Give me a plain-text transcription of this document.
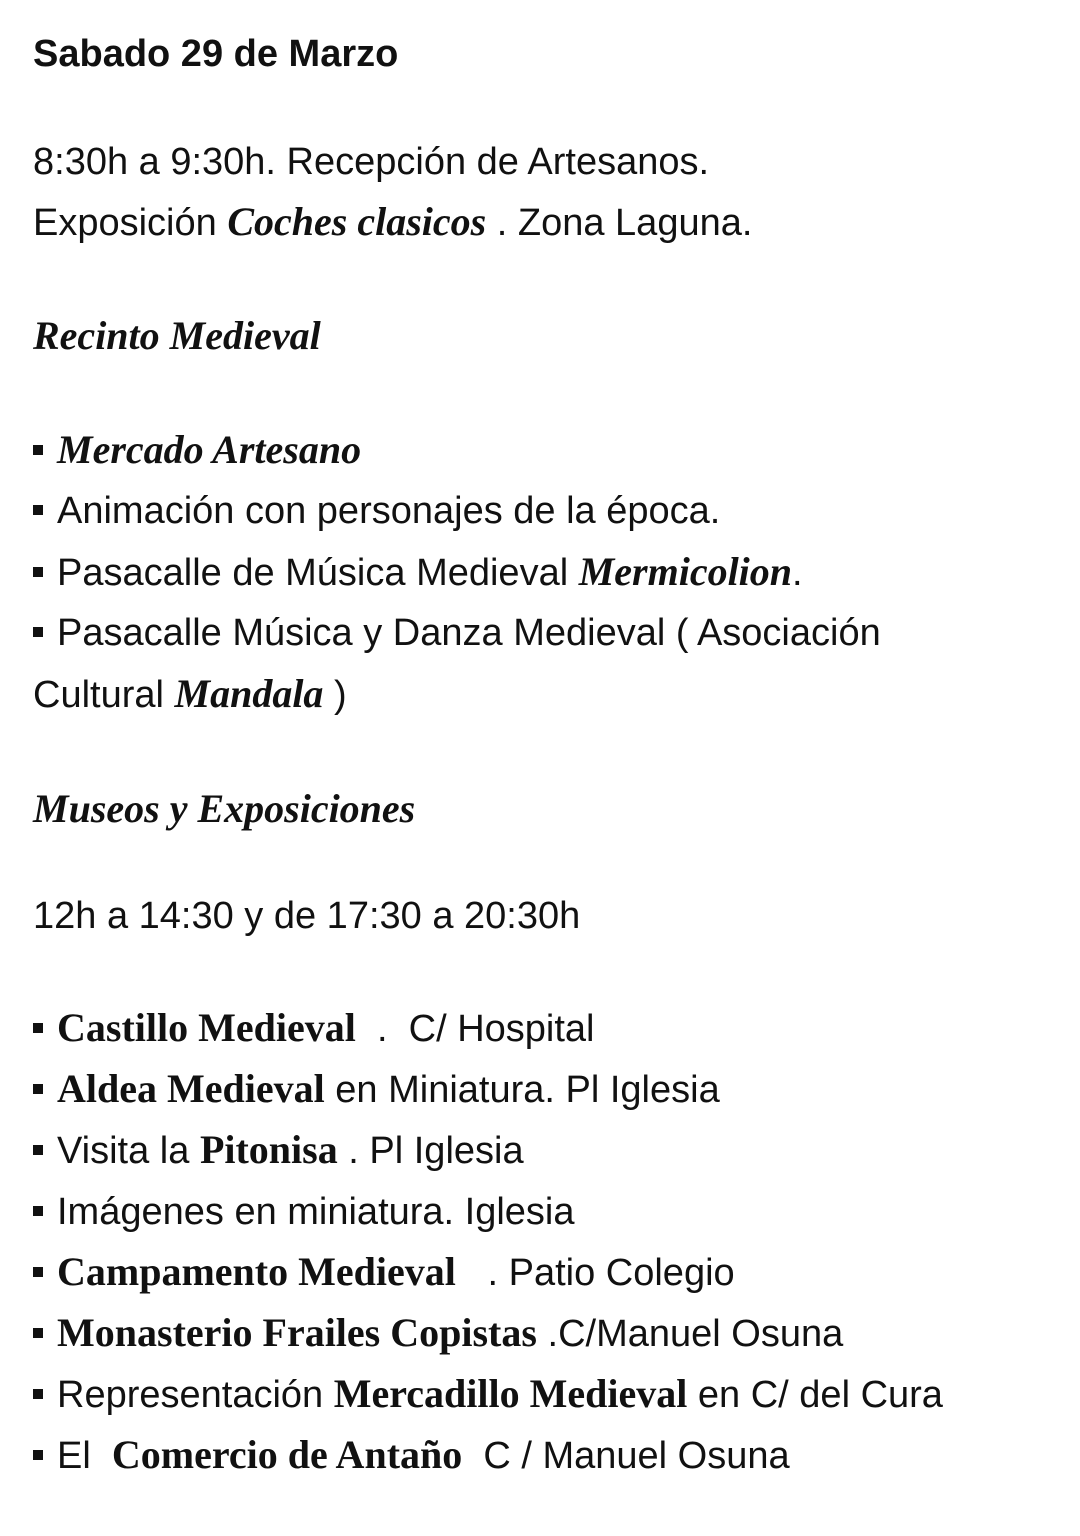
Sabado 29 de Marzo
8:30h a 9:30h. Recepción de Artesanos.
Exposición Coches clasicos . Zona Laguna.
Recinto Medieval
Mercado Artesano
Animación con personajes de la época.
Pasacalle de Música Medieval Mermicolion.
Pasacalle Música y Danza Medieval ( Asociación
Cultural Mandala )
Museos y Exposiciones
12h a 14:30 y de 17:30 a 20:30h
Castillo Medieval  .  C/ Hospital
Aldea Medieval en Miniatura. Pl Iglesia
Visita la Pitonisa . Pl Iglesia
Imágenes en miniatura. Iglesia
Campamento Medieval   . Patio Colegio
Monasterio Frailes Copistas .C/Manuel Osuna
Representación Mercadillo Medieval en C/ del Cura
El  Comercio de Antaño  C / Manuel Osuna
